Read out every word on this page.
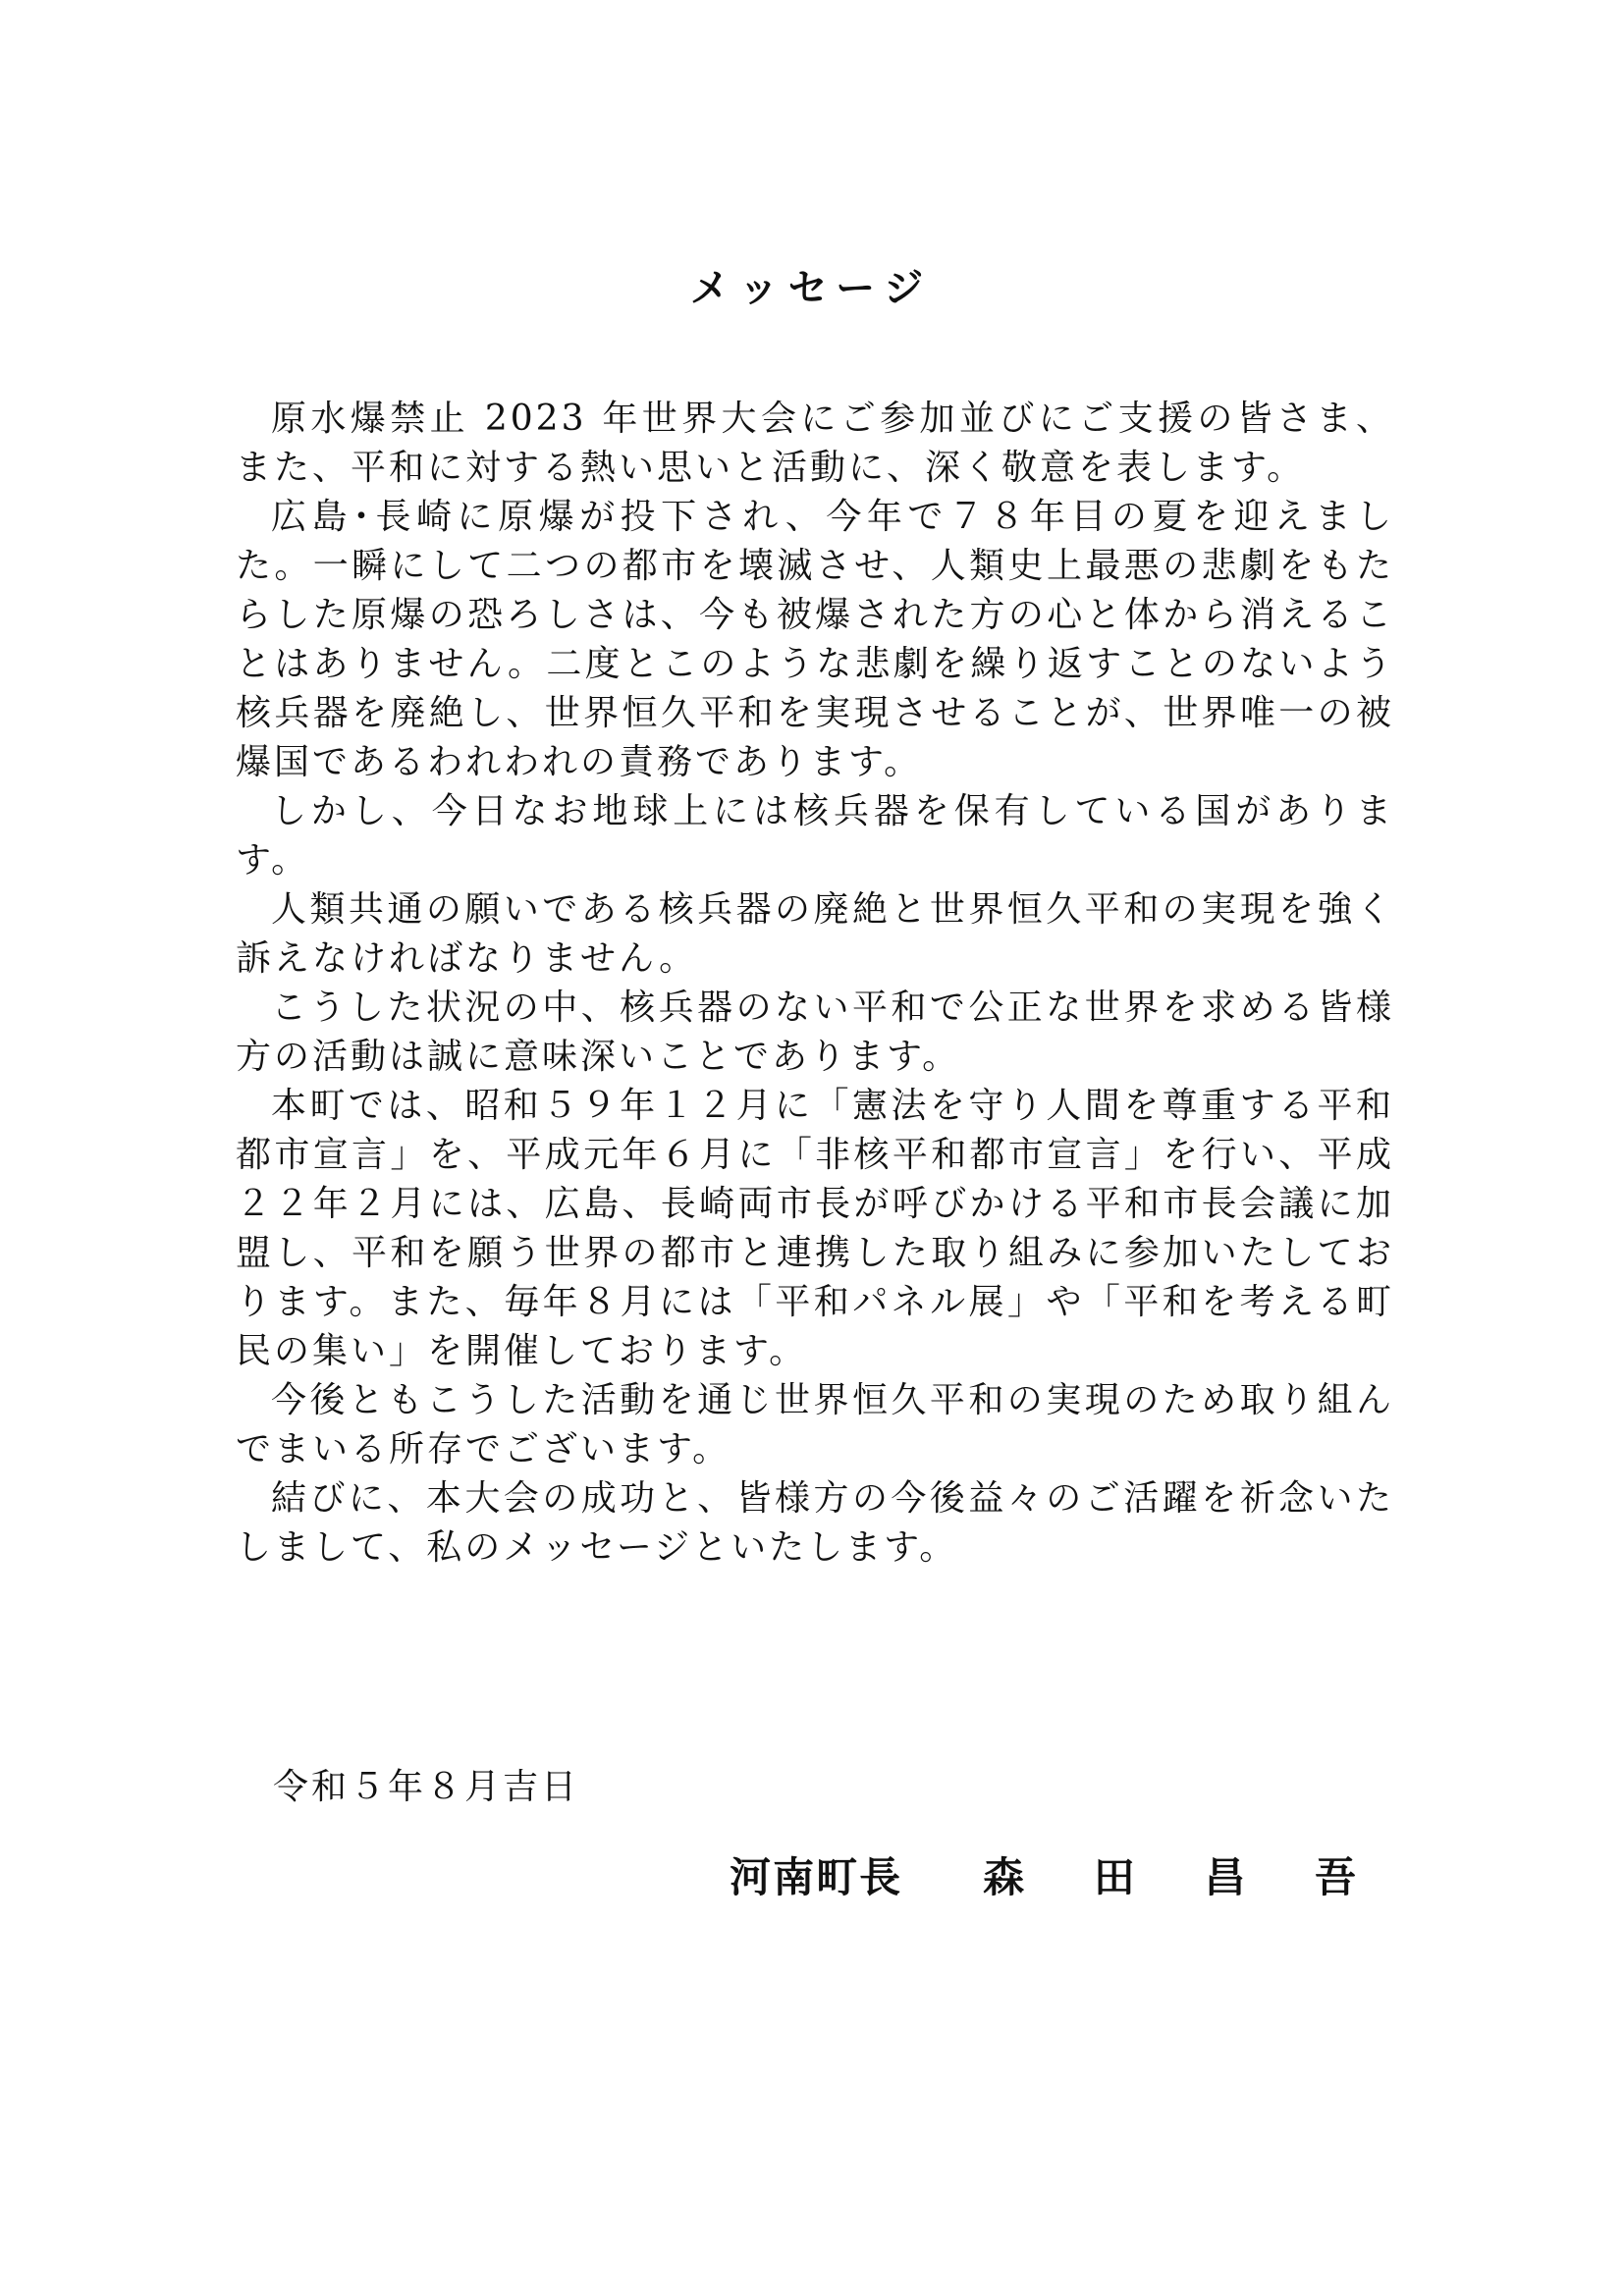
メッセージ

原水爆禁止 2023 年世界大会にご参加並びにご支援の皆さま、また、平和に対する熱い思いと活動に、深く敬意を表します。

広島･長崎に原爆が投下され、今年で７８年目の夏を迎えました。一瞬にして二つの都市を壊滅させ、人類史上最悪の悲劇をもたらした原爆の恐ろしさは、今も被爆された方の心と体から消えることはありません。二度とこのような悲劇を繰り返すことのないよう核兵器を廃絶し、世界恒久平和を実現させることが、世界唯一の被爆国であるわれわれの責務であります。

しかし、今日なお地球上には核兵器を保有している国があります。

人類共通の願いである核兵器の廃絶と世界恒久平和の実現を強く訴えなければなりません。

こうした状況の中、核兵器のない平和で公正な世界を求める皆様方の活動は誠に意味深いことであります。

本町では、昭和５９年１２月に「憲法を守り人間を尊重する平和都市宣言」を、平成元年６月に「非核平和都市宣言」を行い、平成２２年２月には、広島、長崎両市長が呼びかける平和市長会議に加盟し、平和を願う世界の都市と連携した取り組みに参加いたしております。また、毎年８月には「平和パネル展」や「平和を考える町民の集い」を開催しております。

今後ともこうした活動を通じ世界恒久平和の実現のため取り組んでまいる所存でございます。

結びに、本大会の成功と、皆様方の今後益々のご活躍を祈念いたしまして、私のメッセージといたします。

令和５年８月吉日
河南町長 森 田 昌 吾
